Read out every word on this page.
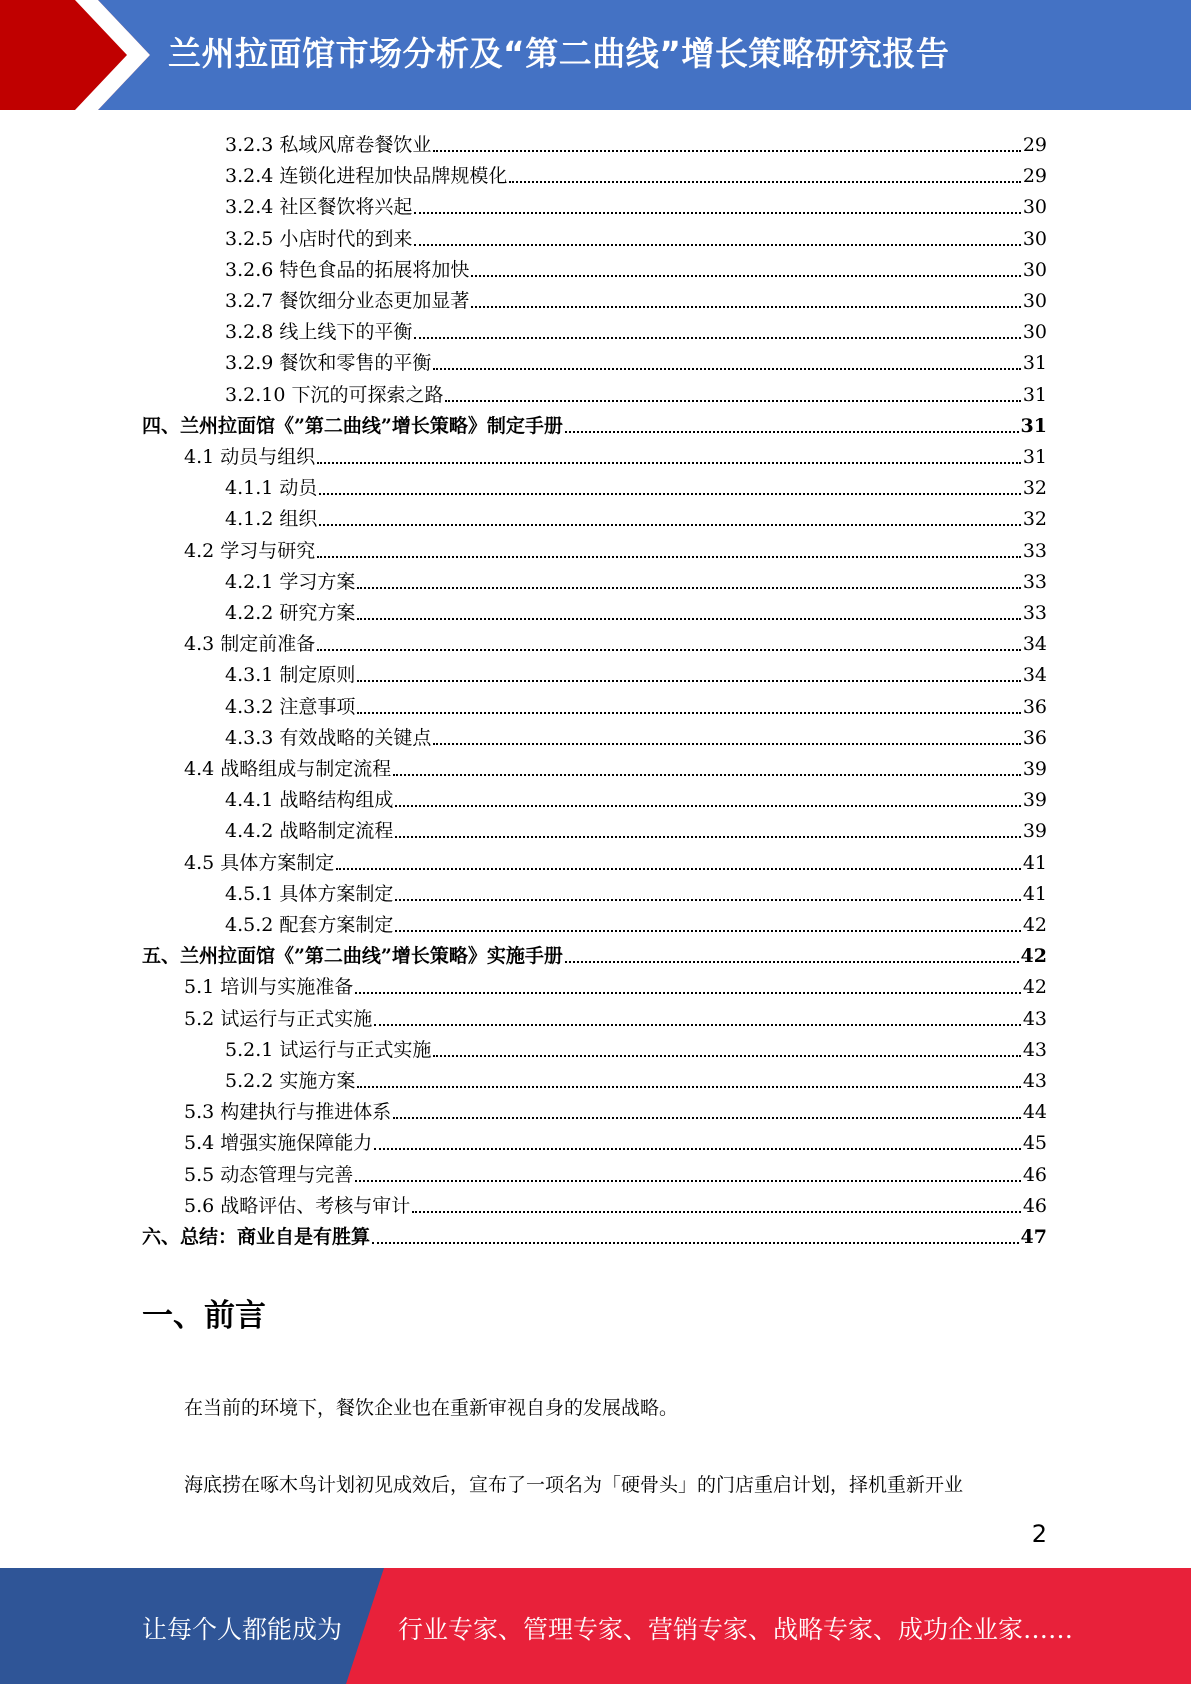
兰州拉面馆市场分析及“第二曲线”增长策略研究报告
3.2.3 私域风席卷餐饮业	29
3.2.4 连锁化进程加快品牌规模化	29
3.2.4 社区餐饮将兴起	30
3.2.5 小店时代的到来	30
3.2.6 特色食品的拓展将加快	30
3.2.7 餐饮细分业态更加显著	30
3.2.8 线上线下的平衡	30
3.2.9 餐饮和零售的平衡	31
3.2.10 下沉的可探索之路	31
四、兰州拉面馆《”第二曲线”增长策略》制定手册	31
4.1 动员与组织	31
4.1.1 动员	32
4.1.2 组织	32
4.2 学习与研究	33
4.2.1 学习方案	33
4.2.2 研究方案	33
4.3 制定前准备	34
4.3.1 制定原则	34
4.3.2 注意事项	36
4.3.3 有效战略的关键点	36
4.4 战略组成与制定流程	39
4.4.1 战略结构组成	39
4.4.2 战略制定流程	39
4.5 具体方案制定	41
4.5.1 具体方案制定	41
4.5.2 配套方案制定	42
五、兰州拉面馆《”第二曲线”增长策略》实施手册	42
5.1 培训与实施准备	42
5.2 试运行与正式实施	43
5.2.1 试运行与正式实施	43
5.2.2 实施方案	43
5.3 构建执行与推进体系	44
5.4 增强实施保障能力	45
5.5 动态管理与完善	46
5.6 战略评估、考核与审计	46
六、总结：商业自是有胜算	47
一、前言
在当前的环境下，餐饮企业也在重新审视自身的发展战略。
海底捞在啄木鸟计划初见成效后，宣布了一项名为「硬骨头」的门店重启计划，择机重新开业
2
让每个人都能成为 行业专家、管理专家、营销专家、战略专家、成功企业家……
